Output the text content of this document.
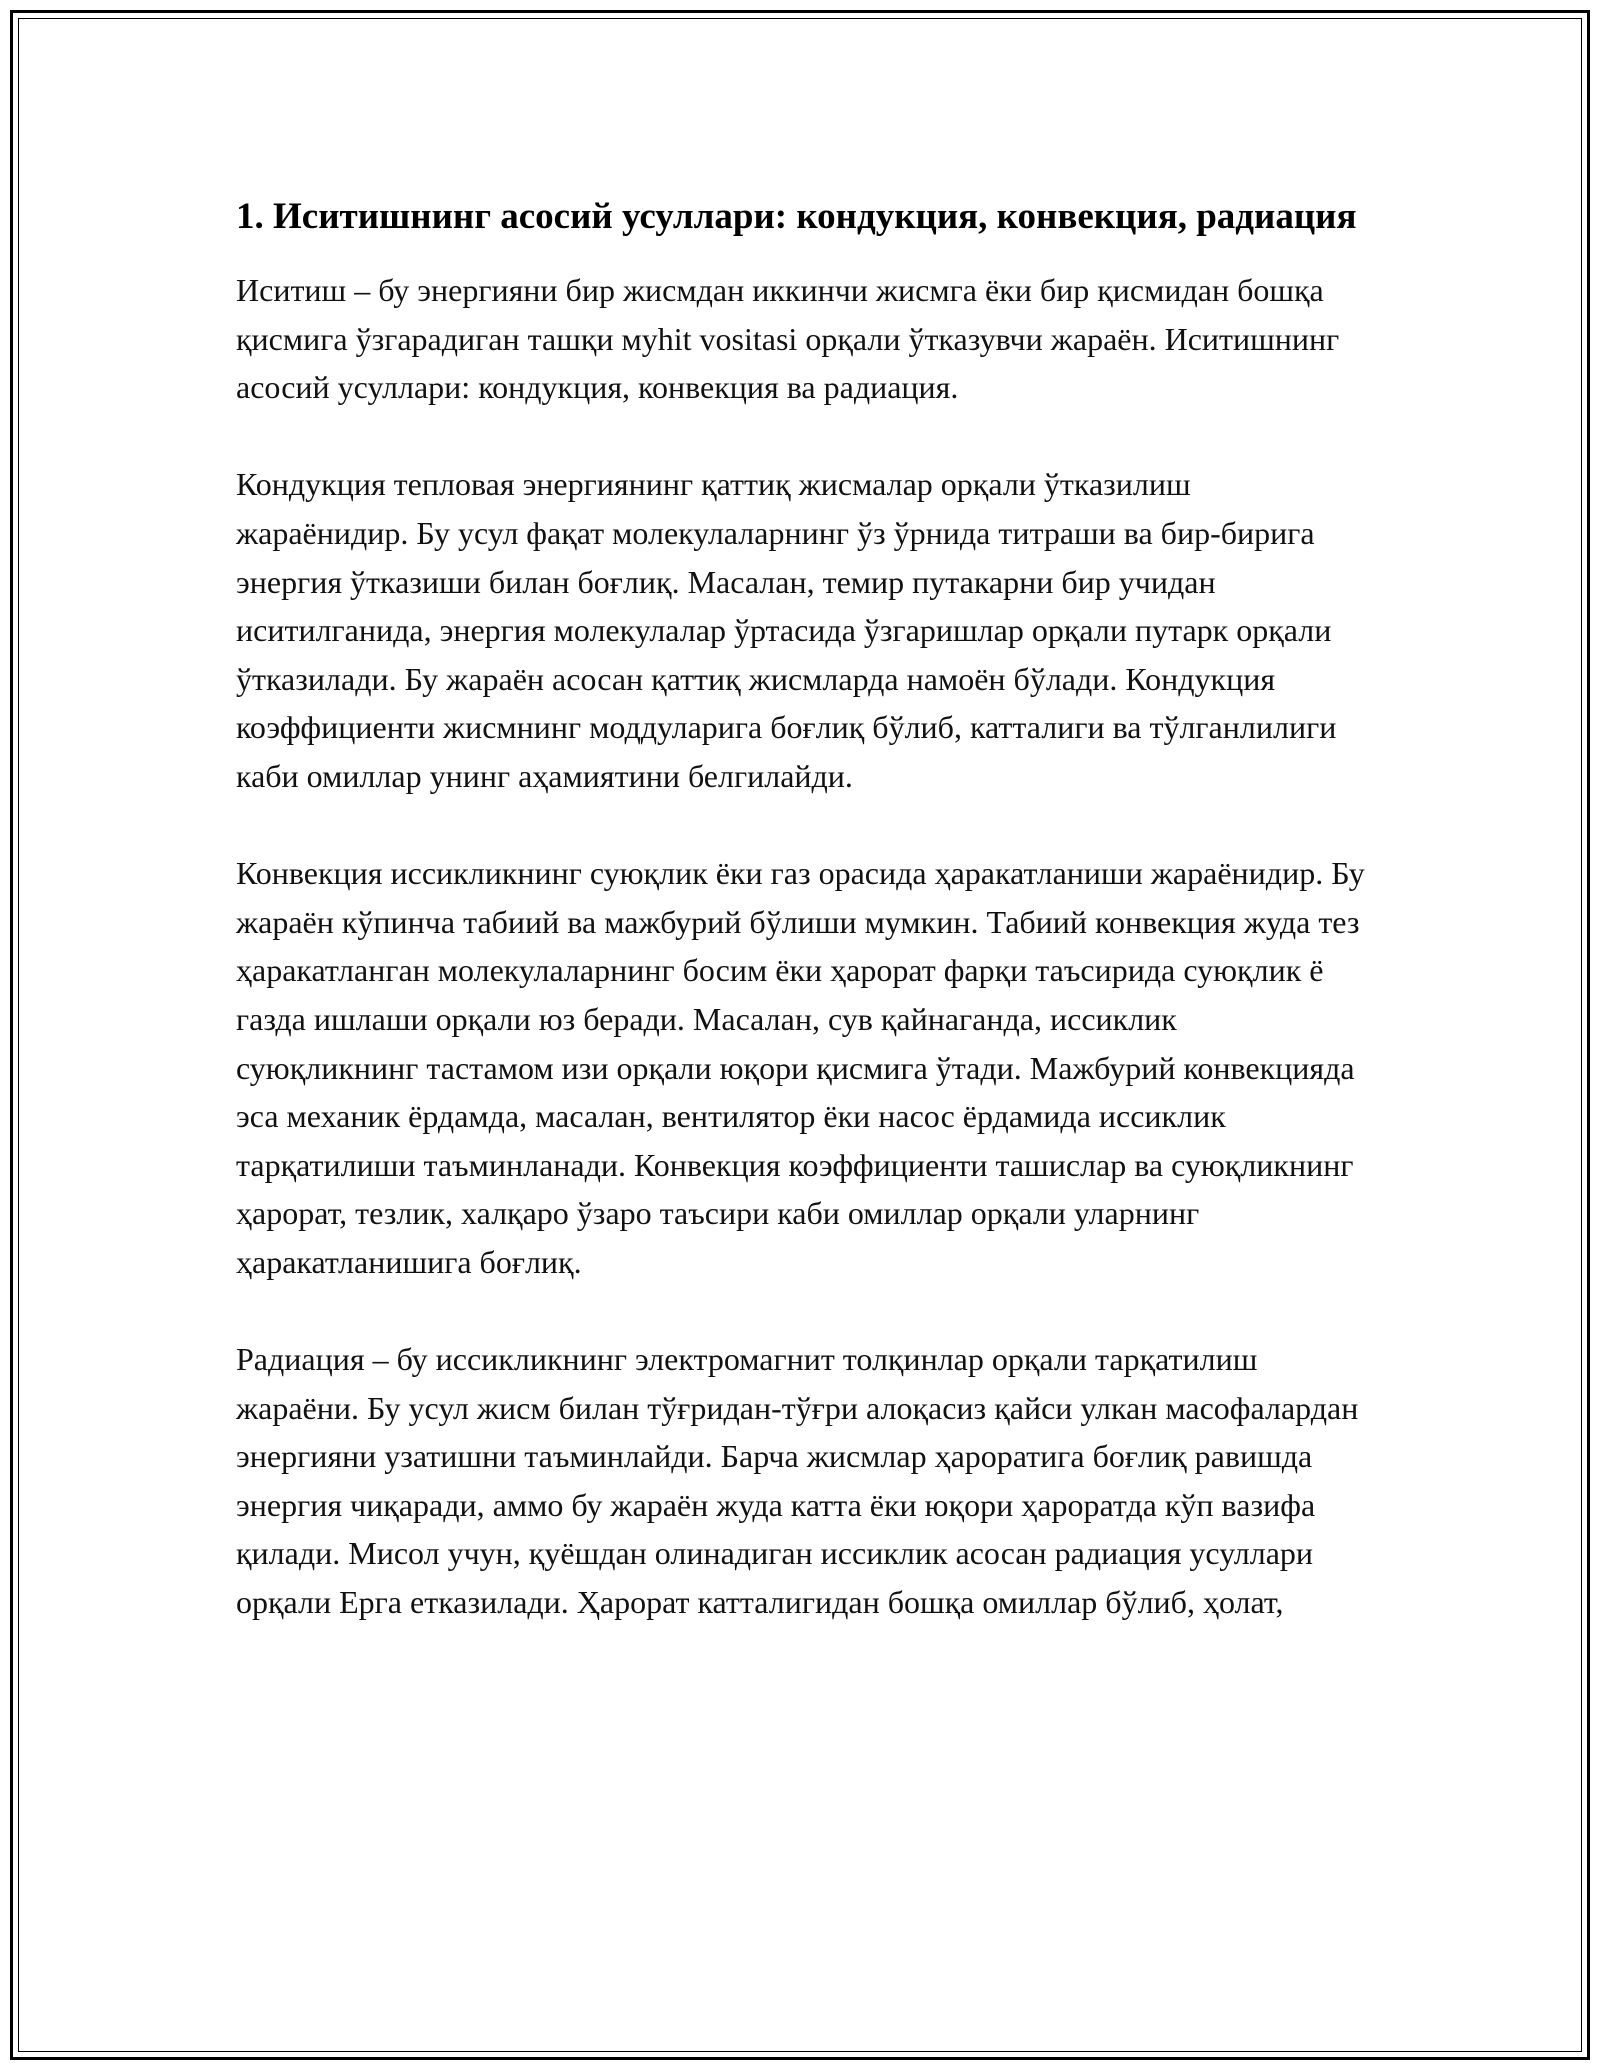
1. Иситишнинг асосий усуллари: кондукция, конвекция, радиация

Иситиш – бу энергияни бир жисмдан иккинчи жисмга ёки бир қисмидан бошқа қисмига ўзгарадиган ташқи муhit vositasi орқали ўтказувчи жараён. Иситишнинг асосий усуллари: кондукция, конвекция ва радиация.

Кондукция тепловая энергиянинг қаттиқ жисмалар орқали ўтказилиш жараёнидир. Бу усул фақат молекулаларнинг ўз ўрнида титраши ва бир-бирига энергия ўтказиши билан боғлиқ. Масалан, темир путакарни бир учидан иситилганида, энергия молекулалар ўртасида ўзгаришлар орқали путарк орқали ўтказилади. Бу жараён асосан қаттиқ жисмларда намоён бўлади. Кондукция коэффициенти жисмнинг моддуларига боғлиқ бўлиб, катталиги ва тўлганлилиги каби омиллар унинг аҳамиятини белгилайди.

Конвекция иссикликнинг суюқлик ёки газ орасида ҳаракатланиши жараёнидир. Бу жараён кўпинча табиий ва мажбурий бўлиши мумкин. Табиий конвекция жуда тез ҳаракатланган молекулаларнинг босим ёки ҳарорат фарқи таъсирида суюқлик ё газда ишлаши орқали юз беради. Масалан, сув қайнаганда, иссиклик суюқликнинг тастамом изи орқали юқори қисмига ўтади. Мажбурий конвекцияда эса механик ёрдамда, масалан, вентилятор ёки насос ёрдамида иссиклик тарқатилиши таъминланади. Конвекция коэффициенти ташислар ва суюқликнинг ҳарорат, тезлик, халқаро ўзаро таъсири каби омиллар орқали уларнинг ҳаракатланишига боғлиқ.

Радиация – бу иссикликнинг электромагнит толқинлар орқали тарқатилиш жараёни. Бу усул жисм билан тўғридан-тўғри алоқасиз қайси улкан масофалардан энергияни узатишни таъминлайди. Барча жисмлар ҳароратига боғлиқ равишда энергия чиқаради, аммо бу жараён жуда катта ёки юқори ҳароратда кўп вазифа қилади. Мисол учун, қуёшдан олинадиган иссиклик асосан радиация усуллари орқали Ерга етказилади. Ҳарорат катталигидан бошқа омиллар бўлиб, ҳолат,
